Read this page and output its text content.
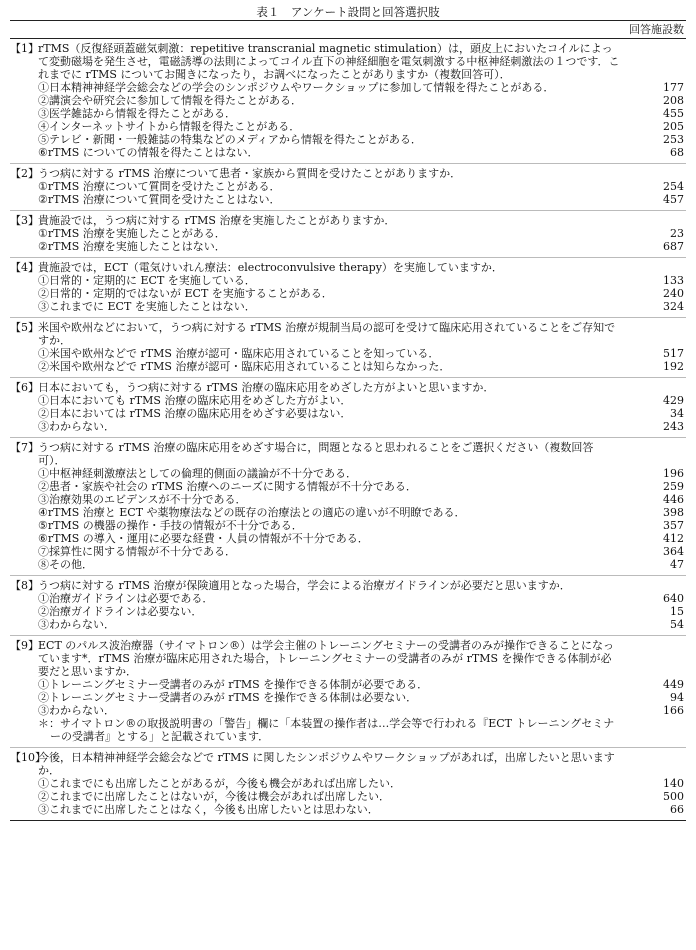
表１　アンケート設問と回答選択肢
回答施設数
【1】 rTMS（反復経頭蓋磁気刺激：repetitive transcranial magnetic stimulation）は，頭皮上においたコイルによって変動磁場を発生させ，電磁誘導の法則によってコイル直下の神経細胞を電気刺激する中枢神経刺激法の１つです．これまでに rTMS についてお聞きになったり，お調べになったことがありますか（複数回答可）．
①日本精神神経学会総会などの学会のシンポジウムやワークショップに参加して情報を得たことがある．	177
②講演会や研究会に参加して情報を得たことがある．	208
③医学雑誌から情報を得たことがある．	455
④インターネットサイトから情報を得たことがある．	205
⑤テレビ・新聞・一般雑誌の特集などのメディアから情報を得たことがある．	253
⑥rTMS についての情報を得たことはない．	68
【2】 うつ病に対する rTMS 治療について患者・家族から質問を受けたことがありますか．
①rTMS 治療について質問を受けたことがある．	254
②rTMS 治療について質問を受けたことはない．	457
【3】 貴施設では，うつ病に対する rTMS 治療を実施したことがありますか．
①rTMS 治療を実施したことがある．	23
②rTMS 治療を実施したことはない．	687
【4】 貴施設では，ECT（電気けいれん療法：electroconvulsive therapy）を実施していますか．
①日常的・定期的に ECT を実施している．	133
②日常的・定期的ではないが ECT を実施することがある．	240
③これまでに ECT を実施したことはない．	324
【5】 米国や欧州などにおいて，うつ病に対する rTMS 治療が規制当局の認可を受けて臨床応用されていることをご存知ですか．
①米国や欧州などで rTMS 治療が認可・臨床応用されていることを知っている．	517
②米国や欧州などで rTMS 治療が認可・臨床応用されていることは知らなかった．	192
【6】 日本においても，うつ病に対する rTMS 治療の臨床応用をめざした方がよいと思いますか．
①日本においても rTMS 治療の臨床応用をめざした方がよい．	429
②日本においては rTMS 治療の臨床応用をめざす必要はない．	34
③わからない．	243
【7】 うつ病に対する rTMS 治療の臨床応用をめざす場合に，問題となると思われることをご選択ください（複数回答可）．
①中枢神経刺激療法としての倫理的側面の議論が不十分である．	196
②患者・家族や社会の rTMS 治療へのニーズに関する情報が不十分である．	259
③治療効果のエビデンスが不十分である．	446
④rTMS 治療と ECT や薬物療法などの既存の治療法との適応の違いが不明瞭である．	398
⑤rTMS の機器の操作・手技の情報が不十分である．	357
⑥rTMS の導入・運用に必要な経費・人員の情報が不十分である．	412
⑦採算性に関する情報が不十分である．	364
⑧その他．	47
【8】 うつ病に対する rTMS 治療が保険適用となった場合，学会による治療ガイドラインが必要だと思いますか．
①治療ガイドラインは必要である．	640
②治療ガイドラインは必要ない．	15
③わからない．	54
【9】 ECT のパルス波治療器（サイマトロン®）は学会主催のトレーニングセミナーの受講者のみが操作できることになっています*．rTMS 治療が臨床応用された場合，トレーニングセミナーの受講者のみが rTMS を操作できる体制が必要だと思いますか．
①トレーニングセミナー受講者のみが rTMS を操作できる体制が必要である．	449
②トレーニングセミナー受講者のみが rTMS を操作できる体制は必要ない．	94
③わからない．	166
＊：サイマトロン®の取扱説明書の「警告」欄に「本装置の操作者は…学会等で行われる『ECT トレーニングセミナーの受講者』とする」と記載されています．
【10】
今後，日本精神神経学会総会などで rTMS に関したシンポジウムやワークショップがあれば，出席したいと思いますか．
①これまでにも出席したことがあるが，今後も機会があれば出席したい．	140
②これまでに出席したことはないが，今後は機会があれば出席したい．	500
③これまでに出席したことはなく，今後も出席したいとは思わない．	66
